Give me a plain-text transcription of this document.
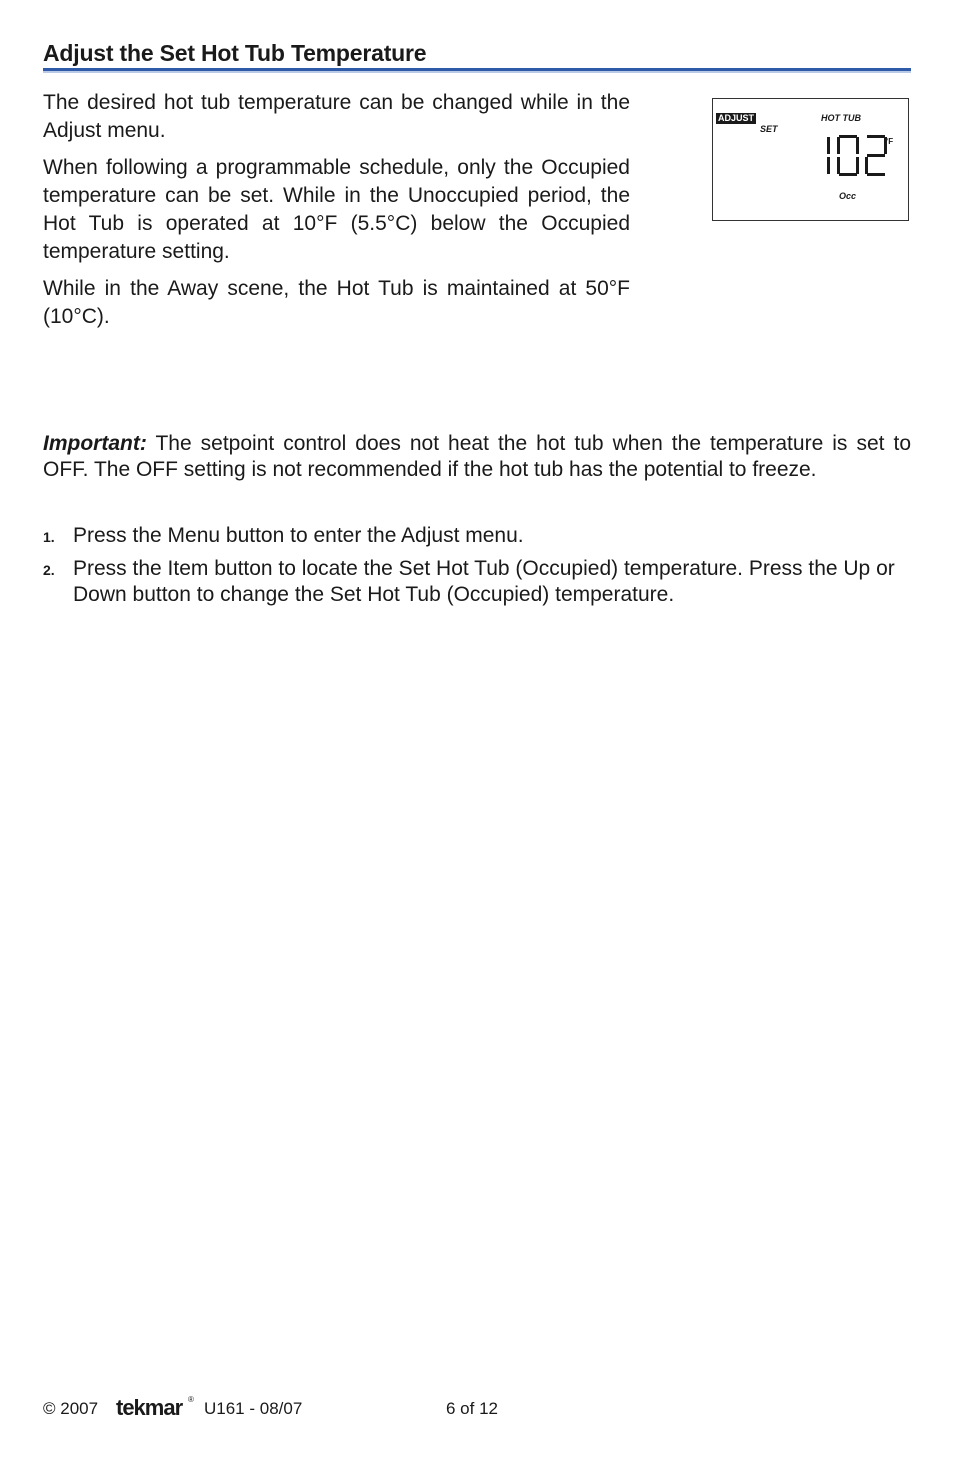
Adjust the Set Hot Tub Temperature

The desired hot tub temperature can be changed while in the Adjust menu.

When following a programmable schedule, only the Occupied temperature can be set. While in the Unoccupied period, the Hot Tub is operated at 10°F (5.5°C) below the Occupied temperature setting.

While in the Away scene, the Hot Tub is maintained at 50°F (10°C).

ADJUST
SET
HOT TUB
°F
Occ
Important: The setpoint control does not heat the hot tub when the temperature is set to OFF. The OFF setting is not recommended if the hot tub has the potential to freeze.
1. Press the Menu button to enter the Adjust menu.
2. Press the Item button to locate the Set Hot Tub (Occupied) temperature. Press the Up or Down button to change the Set Hot Tub (Occupied) temperature.
© 2007 tekmar ® U161 - 08/07	6 of 12
